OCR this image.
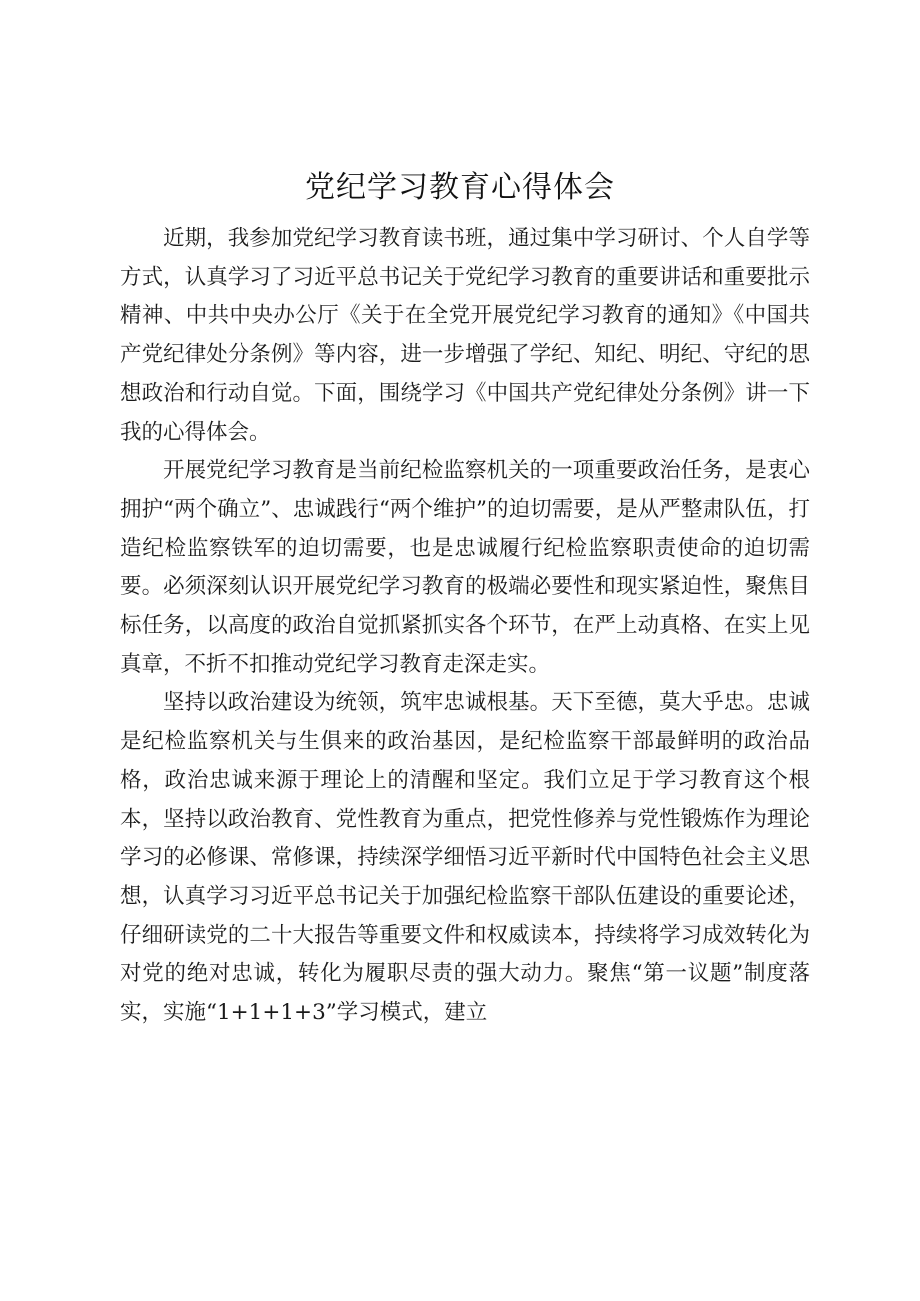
党纪学习教育心得体会

近期，我参加党纪学习教育读书班，通过集中学习研讨、个人自学等方式，认真学习了习近平总书记关于党纪学习教育的重要讲话和重要批示精神、中共中央办公厅《关于在全党开展党纪学习教育的通知》《中国共产党纪律处分条例》等内容，进一步增强了学纪、知纪、明纪、守纪的思想政治和行动自觉。下面，围绕学习《中国共产党纪律处分条例》讲一下我的心得体会。

开展党纪学习教育是当前纪检监察机关的一项重要政治任务，是衷心拥护“两个确立”、忠诚践行“两个维护”的迫切需要，是从严整肃队伍，打造纪检监察铁军的迫切需要，也是忠诚履行纪检监察职责使命的迫切需要。必须深刻认识开展党纪学习教育的极端必要性和现实紧迫性，聚焦目标任务，以高度的政治自觉抓紧抓实各个环节，在严上动真格、在实上见真章，不折不扣推动党纪学习教育走深走实。

坚持以政治建设为统领，筑牢忠诚根基。天下至德，莫大乎忠。忠诚是纪检监察机关与生俱来的政治基因，是纪检监察干部最鲜明的政治品格，政治忠诚来源于理论上的清醒和坚定。我们立足于学习教育这个根本，坚持以政治教育、党性教育为重点，把党性修养与党性锻炼作为理论学习的必修课、常修课，持续深学细悟习近平新时代中国特色社会主义思想，认真学习习近平总书记关于加强纪检监察干部队伍建设的重要论述，仔细研读党的二十大报告等重要文件和权威读本，持续将学习成效转化为对党的绝对忠诚，转化为履职尽责的强大动力。聚焦“第一议题”制度落实，实施“1+1+1+3”学习模式，建立
